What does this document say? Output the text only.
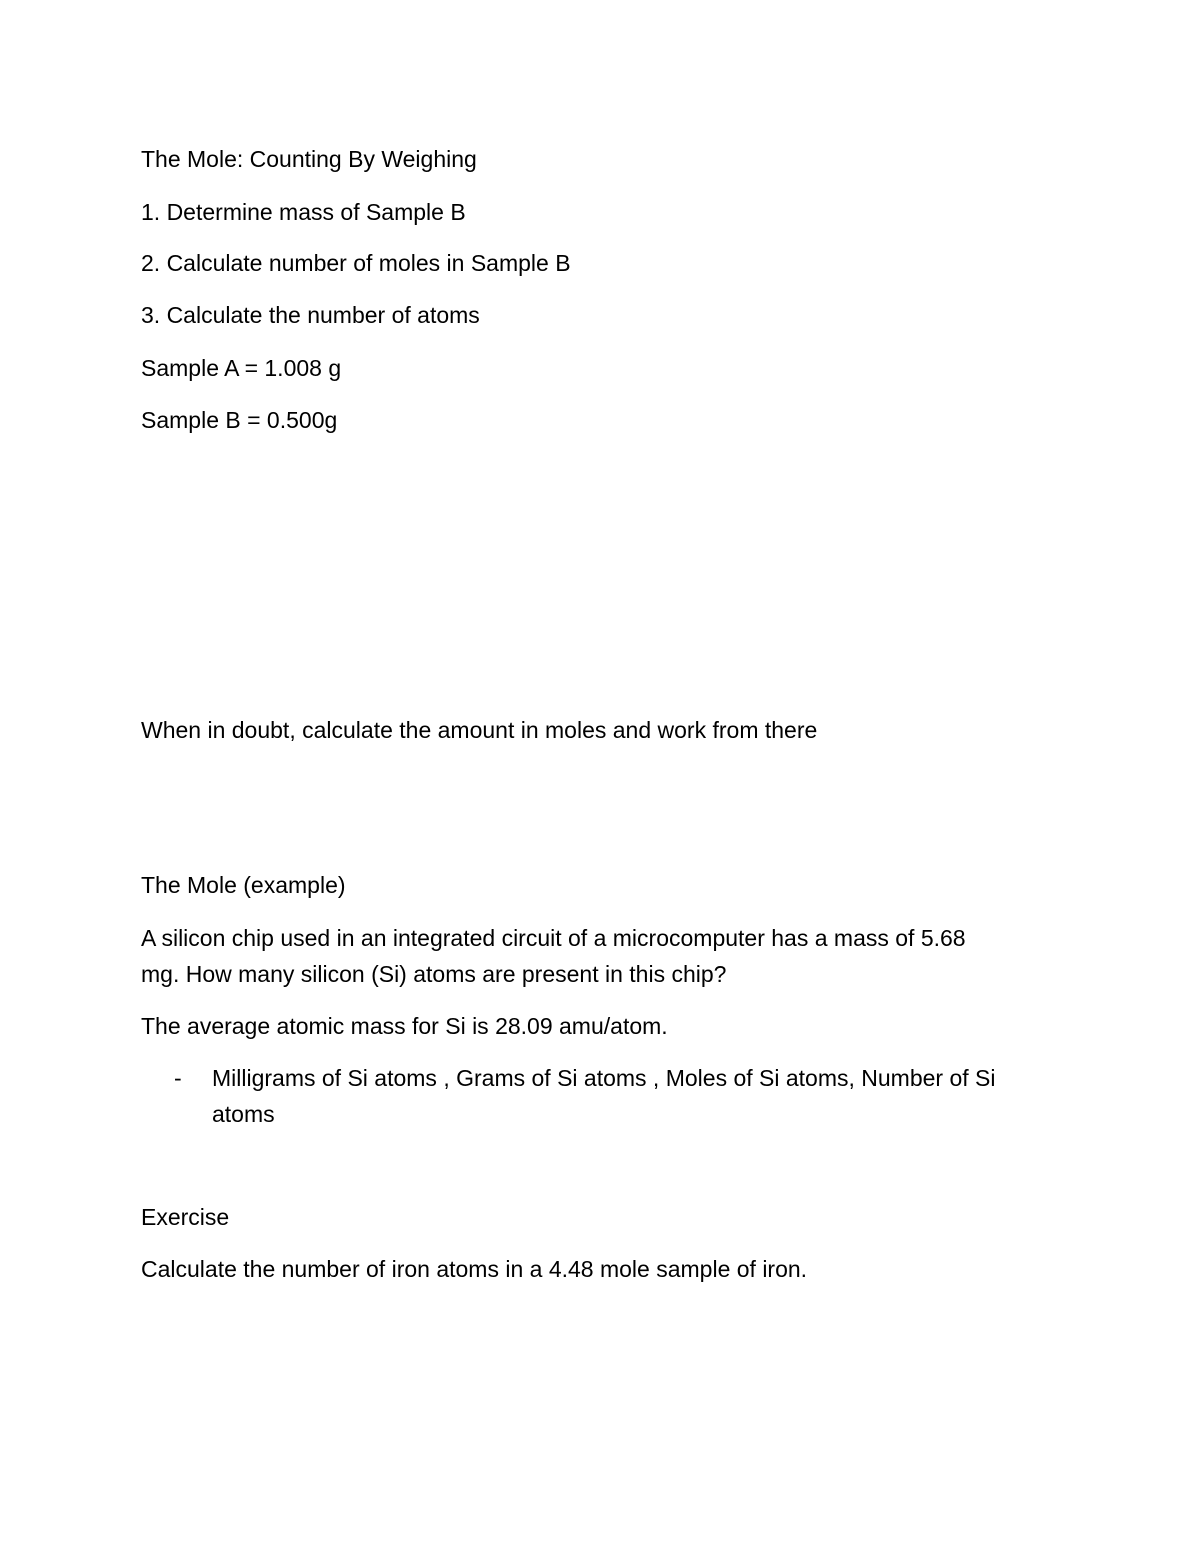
The Mole: Counting By Weighing
1. Determine mass of Sample B
2. Calculate number of moles in Sample B
3. Calculate the number of atoms
Sample A = 1.008 g
Sample B = 0.500g
When in doubt, calculate the amount in moles and work from there
The Mole (example)
A silicon chip used in an integrated circuit of a microcomputer has a mass of 5.68
mg. How many silicon (Si) atoms are present in this chip?
The average atomic mass for Si is 28.09 amu/atom.
- Milligrams of Si atoms , Grams of Si atoms , Moles of Si atoms, Number of Si
atoms
Exercise
Calculate the number of iron atoms in a 4.48 mole sample of iron.
